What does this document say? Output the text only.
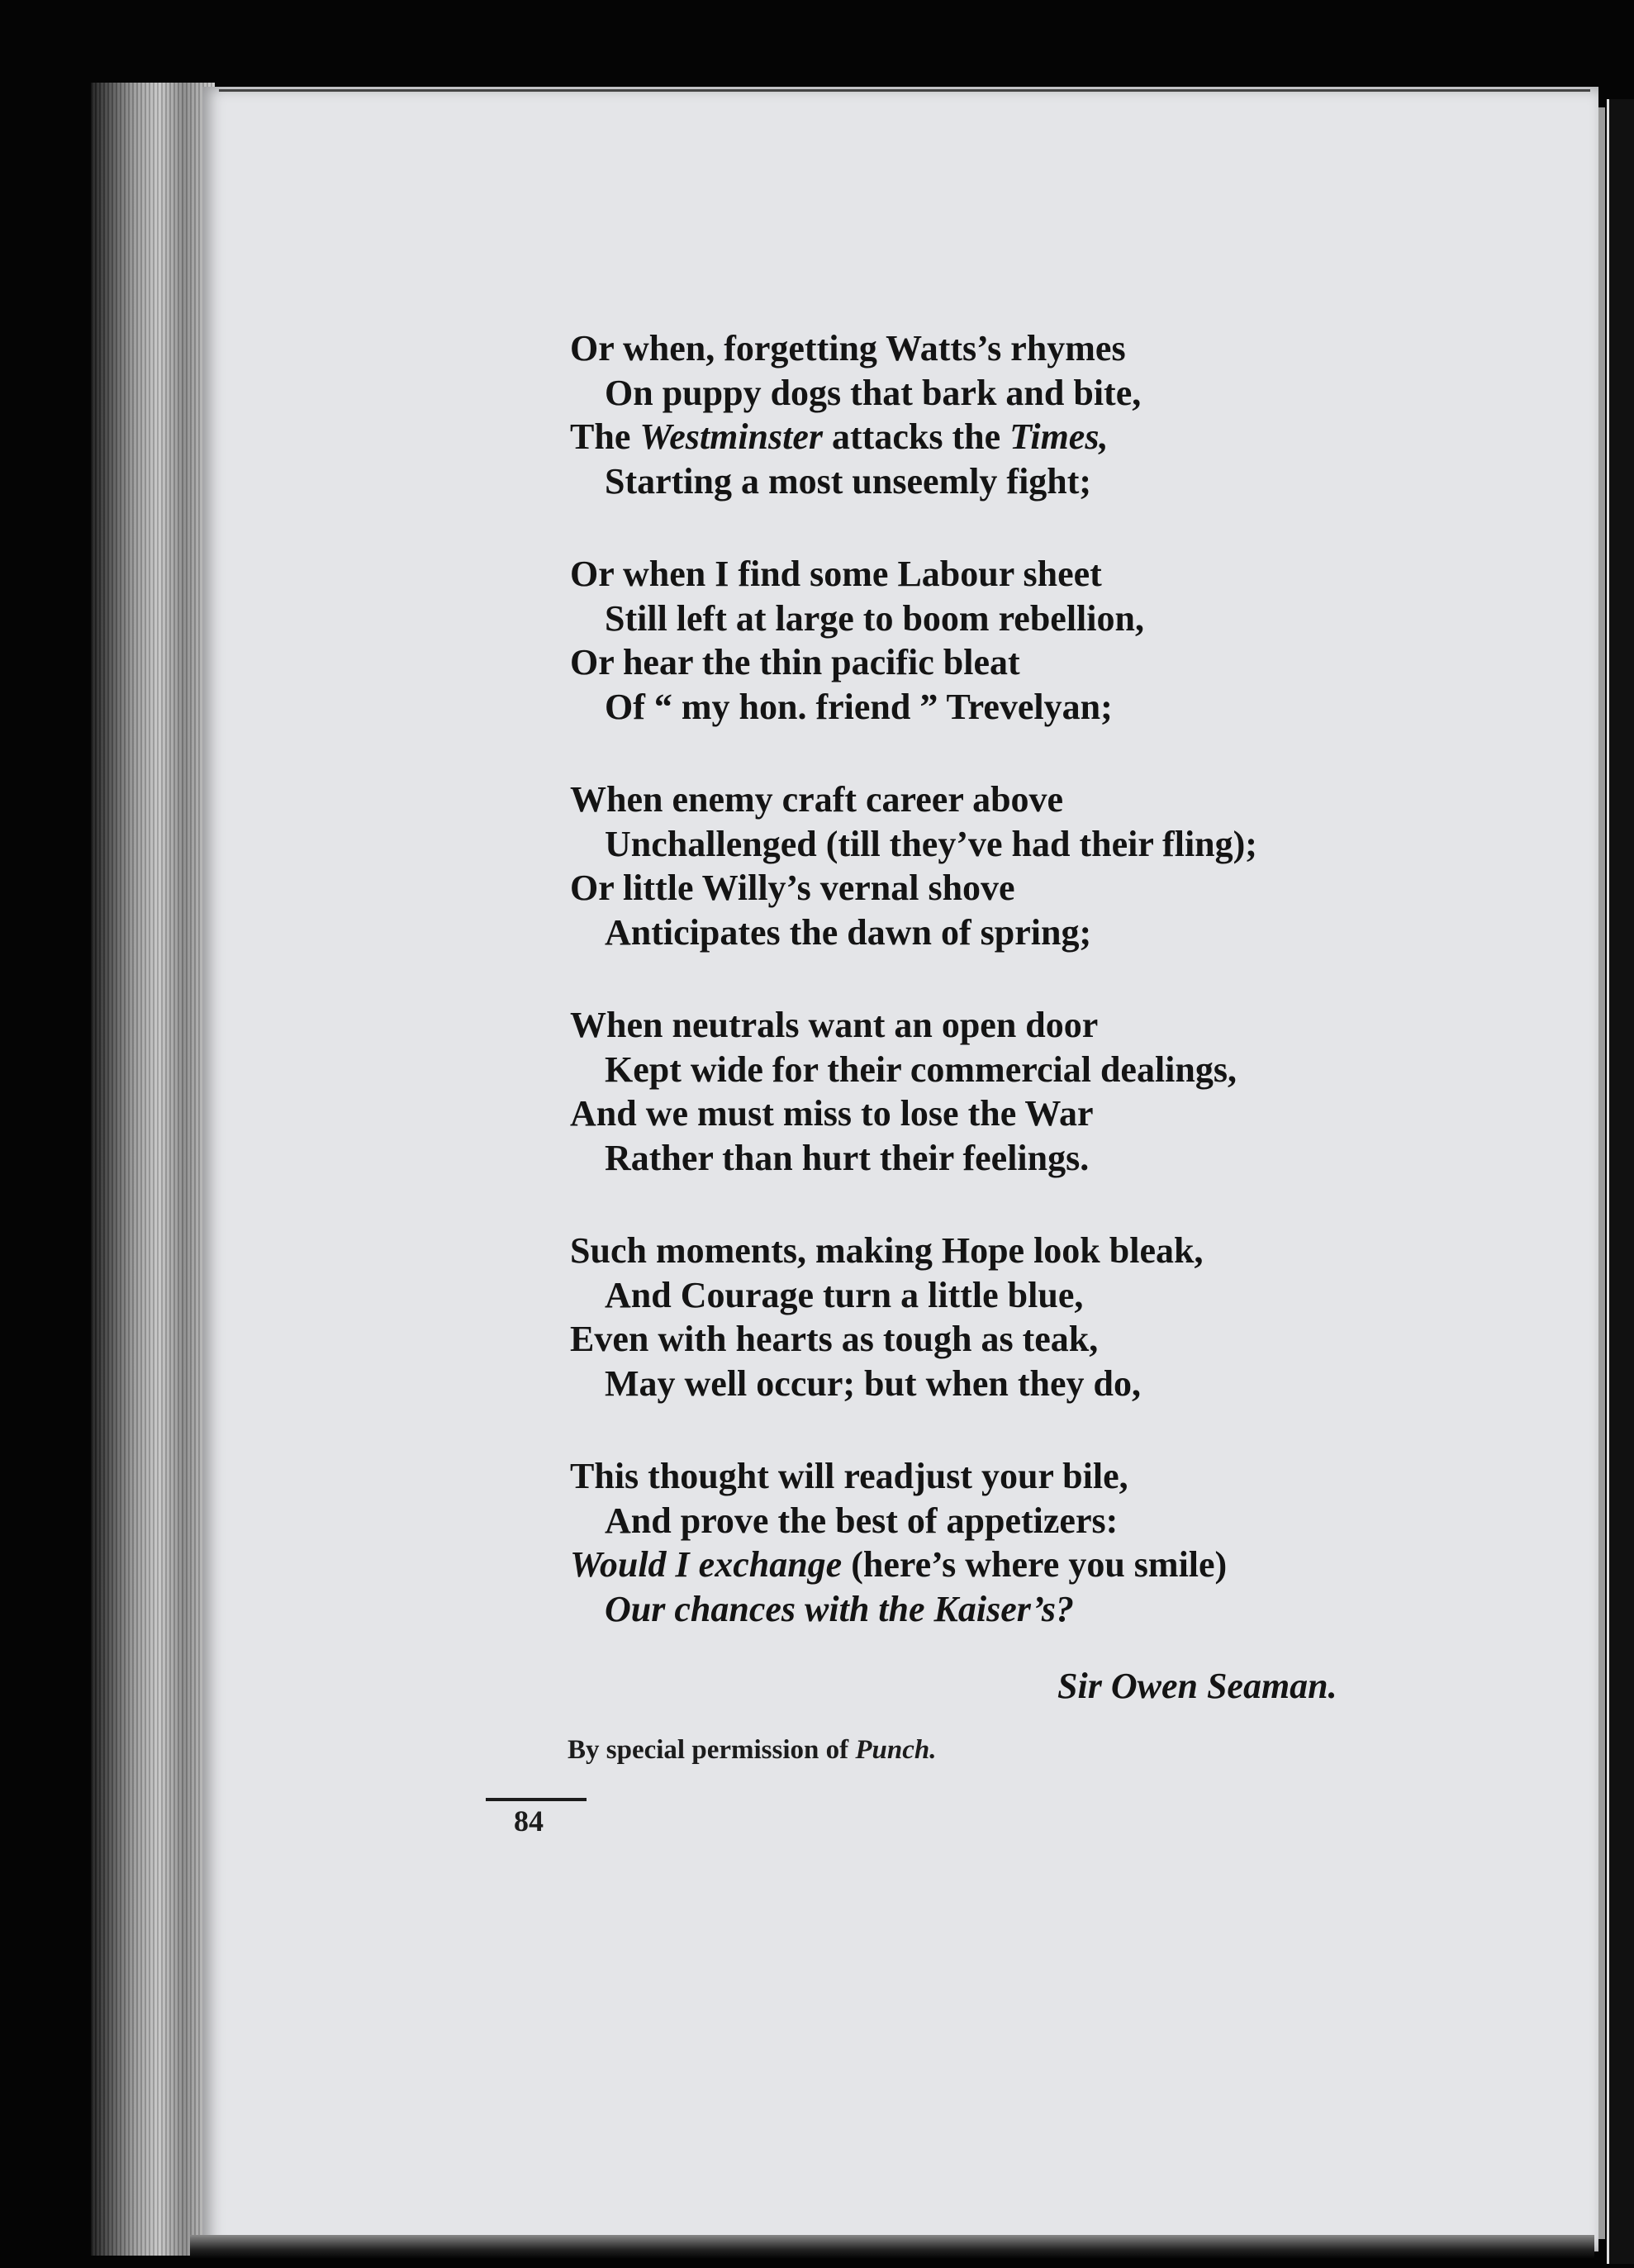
Or when, forgetting Watts’s rhymes
On puppy dogs that bark and bite,
The Westminster attacks the Times,
Starting a most unseemly fight;
Or when I find some Labour sheet
Still left at large to boom rebellion,
Or hear the thin pacific bleat
Of “ my hon. friend ” Trevelyan;
When enemy craft career above
Unchallenged (till they’ve had their fling);
Or little Willy’s vernal shove
Anticipates the dawn of spring;
When neutrals want an open door
Kept wide for their commercial dealings,
And we must miss to lose the War
Rather than hurt their feelings.
Such moments, making Hope look bleak,
And Courage turn a little blue,
Even with hearts as tough as teak,
May well occur; but when they do,
This thought will readjust your bile,
And prove the best of appetizers:
Would I exchange (here’s where you smile)
Our chances with the Kaiser’s?
Sir Owen Seaman.
By special permission of Punch.
84
